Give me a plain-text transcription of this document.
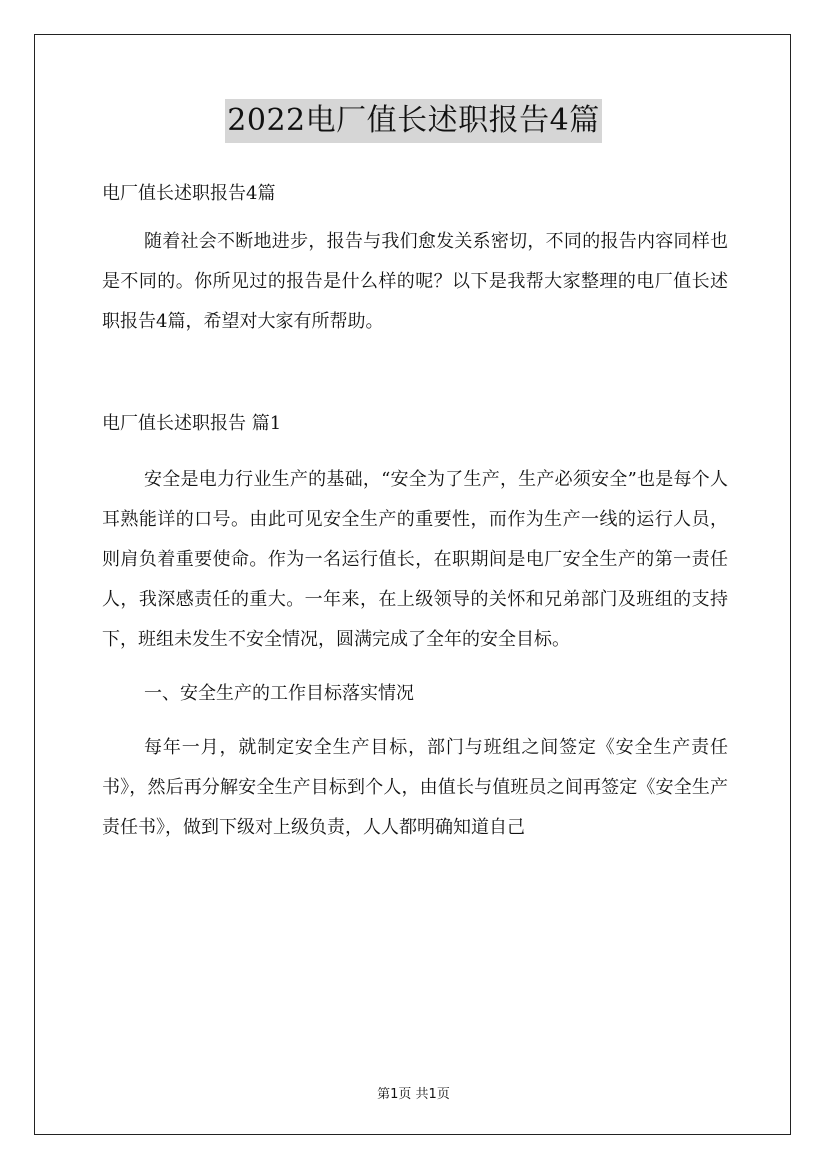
2022电厂值长述职报告4篇

电厂值长述职报告4篇

随着社会不断地进步，报告与我们愈发关系密切，不同的报告内容同样也是不同的。你所见过的报告是什么样的呢？以下是我帮大家整理的电厂值长述职报告4篇，希望对大家有所帮助。

电厂值长述职报告 篇1

安全是电力行业生产的基础，“安全为了生产，生产必须安全”也是每个人耳熟能详的口号。由此可见安全生产的重要性，而作为生产一线的运行人员，则肩负着重要使命。作为一名运行值长，在职期间是电厂安全生产的第一责任人，我深感责任的重大。一年来，在上级领导的关怀和兄弟部门及班组的支持下，班组未发生不安全情况，圆满完成了全年的安全目标。

一、安全生产的工作目标落实情况

每年一月，就制定安全生产目标，部门与班组之间签定《安全生产责任书》，然后再分解安全生产目标到个人，由值长与值班员之间再签定《安全生产责任书》，做到下级对上级负责，人人都明确知道自己

第1页 共1页
